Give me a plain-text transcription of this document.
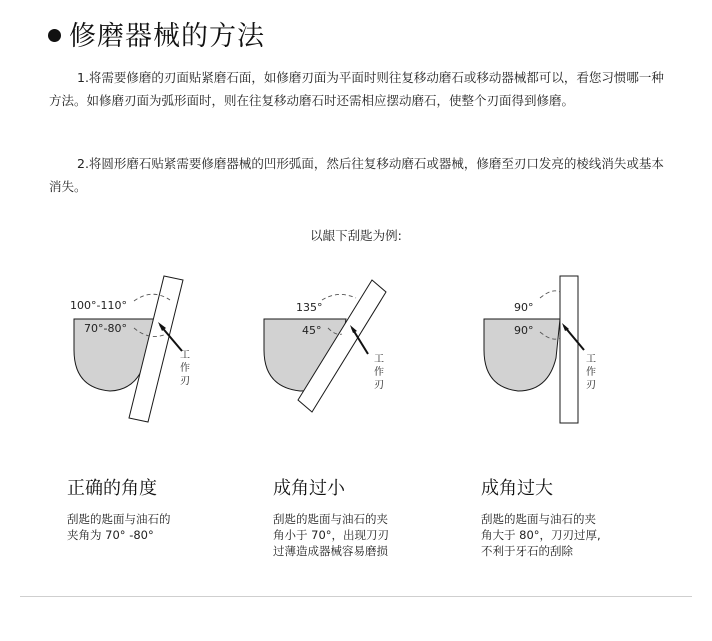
修磨器械的方法
1.将需要修磨的刃面贴紧磨石面，如修磨刃面为平面时则往复移动磨石或移动器械都可以，看您习惯哪一种方法。如修磨刃面为弧形面时，则在往复移动磨石时还需相应摆动磨石，使整个刃面得到修磨。
2.将圆形磨石贴紧需要修磨器械的凹形弧面，然后往复移动磨石或器械，修磨至刃口发亮的棱线消失或基本消失。
以龈下刮匙为例:
100°-110°
70°-80°
工
作
刃
135°
45°
工
作
刃
90°
90°
工
作
刃
正确的角度
刮匙的匙面与油石的
夹角为 70° -80°
成角过小
刮匙的匙面与油石的夹
角小于 70°，出现刀刃
过薄造成器械容易磨损
成角过大
刮匙的匙面与油石的夹
角大于 80°，刀刃过厚,
不利于牙石的刮除
